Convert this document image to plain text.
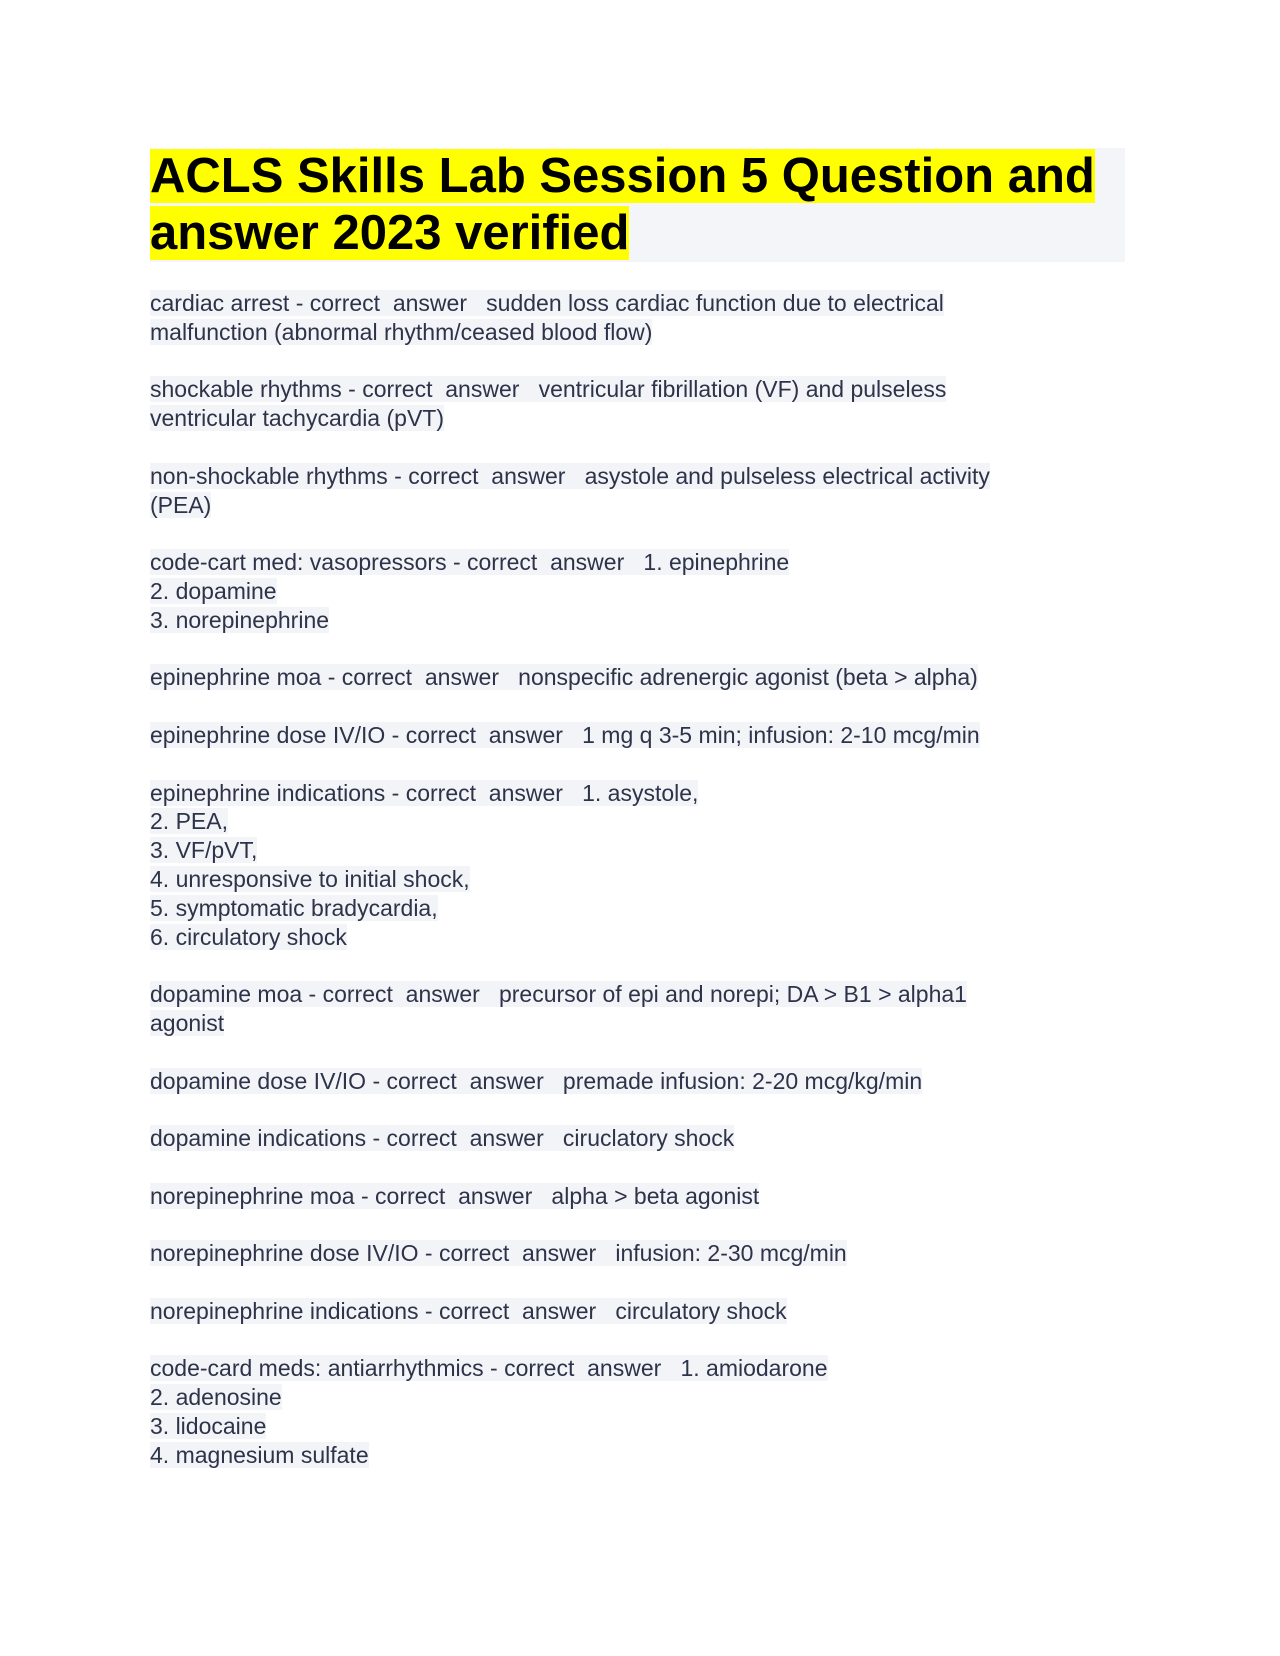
ACLS Skills Lab Session 5 Question and
answer 2023 verified
cardiac arrest - correct  answer   sudden loss cardiac function due to electrical
malfunction (abnormal rhythm/ceased blood flow)
shockable rhythms - correct  answer   ventricular fibrillation (VF) and pulseless
ventricular tachycardia (pVT)
non-shockable rhythms - correct  answer   asystole and pulseless electrical activity
(PEA)
code-cart med: vasopressors - correct  answer   1. epinephrine
2. dopamine
3. norepinephrine
epinephrine moa - correct  answer   nonspecific adrenergic agonist (beta > alpha)
epinephrine dose IV/IO - correct  answer   1 mg q 3-5 min; infusion: 2-10 mcg/min
epinephrine indications - correct  answer   1. asystole,
2. PEA,
3. VF/pVT,
4. unresponsive to initial shock,
5. symptomatic bradycardia,
6. circulatory shock
dopamine moa - correct  answer   precursor of epi and norepi; DA > B1 > alpha1
agonist
dopamine dose IV/IO - correct  answer   premade infusion: 2-20 mcg/kg/min
dopamine indications - correct  answer   ciruclatory shock
norepinephrine moa - correct  answer   alpha > beta agonist
norepinephrine dose IV/IO - correct  answer   infusion: 2-30 mcg/min
norepinephrine indications - correct  answer   circulatory shock
code-card meds: antiarrhythmics - correct  answer   1. amiodarone
2. adenosine
3. lidocaine
4. magnesium sulfate
